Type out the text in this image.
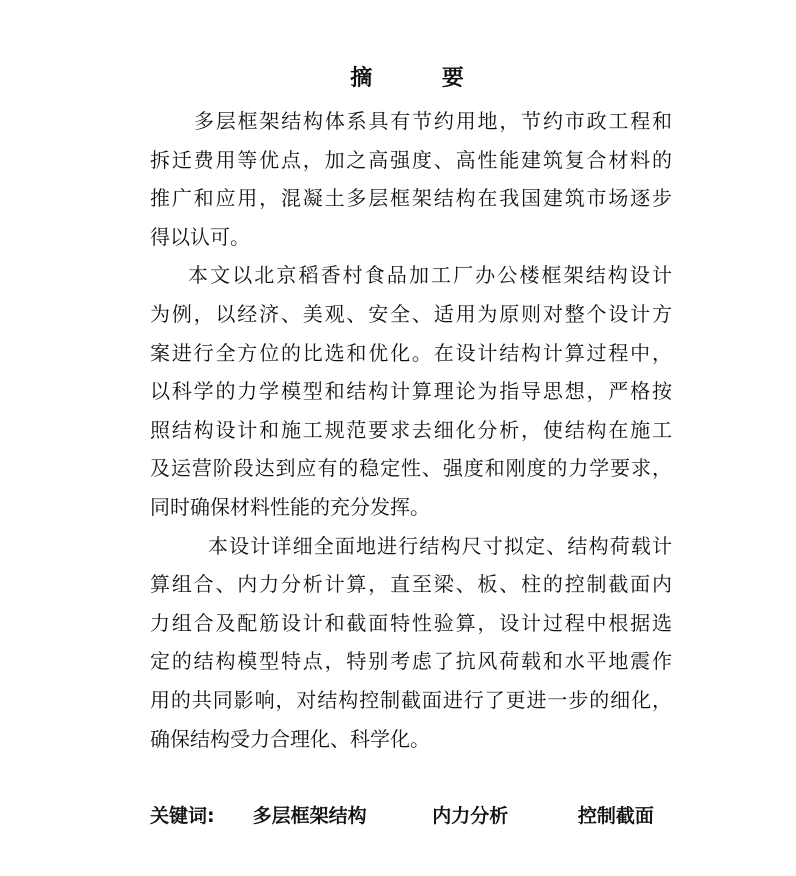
摘       要
多层框架结构体系具有节约用地，节约市政工程和
拆迁费用等优点，加之高强度、高性能建筑复合材料的
推广和应用，混凝土多层框架结构在我国建筑市场逐步
得以认可。
本文以北京稻香村食品加工厂办公楼框架结构设计
为例，以经济、美观、安全、适用为原则对整个设计方
案进行全方位的比选和优化。在设计结构计算过程中，
以科学的力学模型和结构计算理论为指导思想，严格按
照结构设计和施工规范要求去细化分析，使结构在施工
及运营阶段达到应有的稳定性、强度和刚度的力学要求，
同时确保材料性能的充分发挥。
本设计详细全面地进行结构尺寸拟定、结构荷载计
算组合、内力分析计算，直至梁、板、柱的控制截面内
力组合及配筋设计和截面特性验算，设计过程中根据选
定的结构模型特点，特别考虑了抗风荷载和水平地震作
用的共同影响，对结构控制截面进行了更进一步的细化，
确保结构受力合理化、科学化。
关键词: 多层框架结构	内力分析	控制截面
